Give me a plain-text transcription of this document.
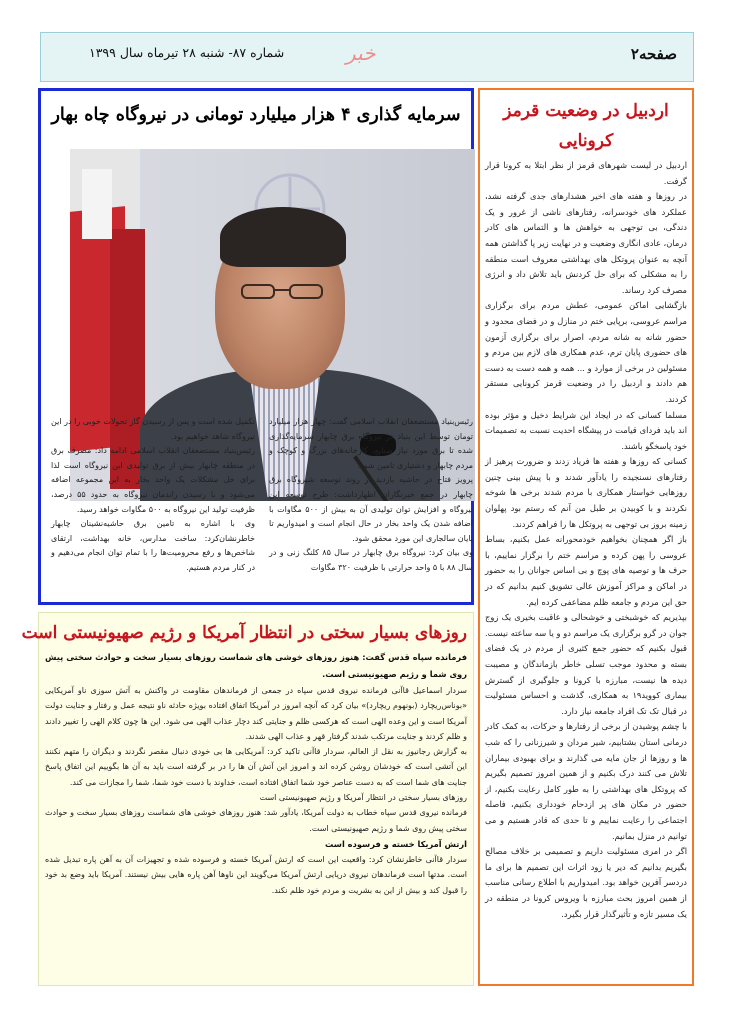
صفحه۲
خبر
شماره ۸۷- شنبه ۲۸ تیرماه سال ۱۳۹۹
اردبیل در وضعیت قرمز
کرونایی

اردبیل در لیست شهرهای قرمز از نظر ابتلا به کرونا قرار گرفت.

در روزها و هفته های اخیر هشدارهای جدی گرفته نشد، عملکرد های خودسرانه، رفتارهای ناشی از غرور و یک دندگی، بی توجهی به خواهش ها و التماس های کادر درمان، عادی انگاری وضعیت و در نهایت زیر پا گذاشتن همه آنچه به عنوان پروتکل های بهداشتی معروف است منطقه را به مشکلی که برای حل کردنش باید تلاش داد و انرژی مصرف کرد رساند.

بازگشایی اماکن عمومی، عطش مردم برای برگزاری مراسم عروسی، برپایی ختم در منازل و در فضای محدود و حضور شانه به شانه مردم، اصرار برای برگزاری آزمون های حضوری پایان ترم، عدم همکاری های لازم بین مردم و مسئولین در برخی از موارد و ... همه و همه دست به دست هم دادند و اردبیل را در وضعیت قرمز کرونایی مستقر کردند.

مسلما کسانی که در ایجاد این شرایط دخیل و مؤثر بوده اند باید فردای قیامت در پیشگاه احدیت نسبت به تصمیمات خود پاسخگو باشند.

کسانی که روزها و هفته ها فریاد زدند و ضرورت پرهیز از رفتارهای نسنجیده را یادآور شدند و با پیش بینی چنین روزهایی خواستار همکاری با مردم شدند برخی ها شوخه نکردند و با کوبیدن بر طبل من آنم که رستم بود پهلوان زمینه بروز بی توجهی به پروتکل ها را فراهم کردند.

باز اگر همچنان بخواهیم خودمحورانه عمل بکنیم، بساط عروسی را پهن کرده و مراسم ختم را برگزار نماییم، با حرف ها و توصیه های پوچ و بی اساس جوانان را به حضور در اماکن و مراکز آموزش عالی تشویق کنیم بدانیم که در حق این مردم و جامعه ظلم مضاعفی کرده ایم.

بپذیریم که خوشبختی و خوشحالی و عاقبت بخیری یک زوج جوان در گرو برگزاری یک مراسم دو و یا سه ساعته نیست. قبول بکنیم که حضور جمع کثیری از مردم در یک فضای بسته و محدود موجب تسلی خاطر بازماندگان و مصیبت دیده ها نیست، مبارزه با کرونا و جلوگیری از گسترش بیماری کووید۱۹ به همکاری، گذشت و احساس مسئولیت در قبال تک تک افراد جامعه نیاز دارد.

با چشم پوشیدن از برخی از رفتارها و حرکات، به کمک کادر درمانی استان بشتابیم، شیر مردان و شیرزنانی را که شب ها و روزها از جان مایه می گذارند و برای بهبودی بیماران تلاش می کنند درک بکنیم و از همین امروز تصمیم بگیریم که پروتکل های بهداشتی را به طور کامل رعایت بکنیم، از حضور در مکان های پر ازدحام خودداری بکنیم، فاصله اجتماعی را رعایت نماییم و تا حدی که قادر هستیم و می توانیم در منزل بمانیم.

اگر در امری مسئولیت داریم و تصمیمی بر خلاف مصالح بگیریم بدانیم که دیر یا زود اثرات این تصمیم ها برای ما دردسر آفرین خواهد بود. امیدواریم با اطلاع رسانی مناسب از همین امروز بحث مبارزه با ویروس کرونا در منطقه در یک مسیر تازه و تأثیرگذار قرار بگیرد.

سرمایه گذاری ۴ هزار میلیارد تومانی در نیروگاه چاه بهار
رئیس‌بنیاد مستضعفان انقلاب اسلامی گفت: چهار هزار میلیارد تومان توسط این بنیاد در نیروگاه برق چابهار سرمایه‌گذاری شده تا برق مورد نیاز صنایع، کارخانه‌های بزرگ و کوچک و مردم چابهار و دشتیاری تامین شود.
پرویز فتاح در حاشیه بازدید از روند توسعه شیروگاه برق چابهار در جمع خبرنگاران اظهارداشت: طرح توسعه این نیروگاه و افزایش توان تولیدی آن به بیش از ۵۰۰ مگاوات با اضافه شدن یک واحد بخار در حال انجام است و امیدواریم تا پایان سالجاری این مورد محقق شود.
وی بیان کرد: نیروگاه برق چابهار در سال ۸۵ کلنگ زنی و در سال ۸۸ با ۵ واحد حرارتی با ظرفیت ۳۲۰ مگاوات
تکمیل شده است و پس از رسیدن گاز تحولات خوبی را در این نیروگاه شاهد خواهیم بود.
رئیس‌بنیاد مستضعفان انقلاب اسلامی ادامه داد: مصرف برق در منطقه چابهار بیش از برق تولیدی این نیروگاه است لذا برای حل مشکلات یک واحد بخار به این مجموعه اضافه می‌شود و با رسیدن راندمان نیروگاه به حدود ۵۵ درصد، ظرفیت تولید این نیروگاه به ۵۰۰ مگاوات خواهد رسید.
وی با اشاره به تامین برق حاشیه‌نشینان چابهار خاطرنشان‌کرد: ساخت مدارس، خانه بهداشت، ارتقای شاخص‌ها و رفع محرومیت‌ها را با تمام توان انجام می‌دهیم و در کنار مردم هستیم.
روزهای بسیار سختی در انتظار آمریکا و رژیم صهیونیستی است
فرمانده سپاه قدس گفت: هنوز روزهای خوشی های شماست روزهای بسیار سخت و حوادث سختی پیش روی شما و رژیم صهیونیستی است.
سردار اسماعیل قاآنی فرمانده نیروی قدس سپاه در جمعی از فرماندهان مقاومت در واکنش به آتش سوزی ناو آمریکایی «بوناس‌ریچارد (بونهوم ریچارد)» بیان کرد که آنچه امروز در آمریکا اتفاق افتاده بویژه حادثه ناو نتیجه عمل و رفتار و جنایت دولت آمریکا است و این وعده الهی است که هرکسی ظلم و جنایتی کند دچار عذاب الهی می شود. این ها چون کلام الهی را تغییر دادند و ظلم کردند و جنایت مرتکب شدند گرفتار قهر و عذاب الهی شدند.
به گزارش رجانیوز به نقل از العالم، سردار قاآنی تاکید کرد: آمریکایی ها بی خودی دنبال مقصر نگردند و دیگران را متهم نکنند این آتشی است که خودشان روشن کرده اند و امروز این آتش آن ها را در بر گرفته است باید به آن ها بگوییم این اتفاق پاسخ جنایت های شما است که به دست عناصر خود شما اتفاق افتاده است، خداوند با دست خود شما، شما را مجازات می کند.
روزهای بسیار سختی در انتظار آمریکا و رژیم صهیونیستی است
فرمانده نیروی قدس سپاه خطاب به دولت آمریکا، یادآور شد: هنوز روزهای خوشی های شماست روزهای بسیار سخت و حوادث سختی پیش روی شما و رژیم صهیونیستی است.
ارتش آمریکا خسته و فرسوده است
سردار قاآنی خاطرنشان کرد: واقعیت این است که ارتش آمریکا خسته و فرسوده شده و تجهیزات آن به آهن پاره تبدیل شده است. مدتها است فرماندهان نیروی دریایی ارتش آمریکا می‌گویند این ناوها آهن پاره هایی بیش نیستند. آمریکا باید وضع بد خود را قبول کند و بیش از این به بشریت و مردم خود ظلم نکند.
